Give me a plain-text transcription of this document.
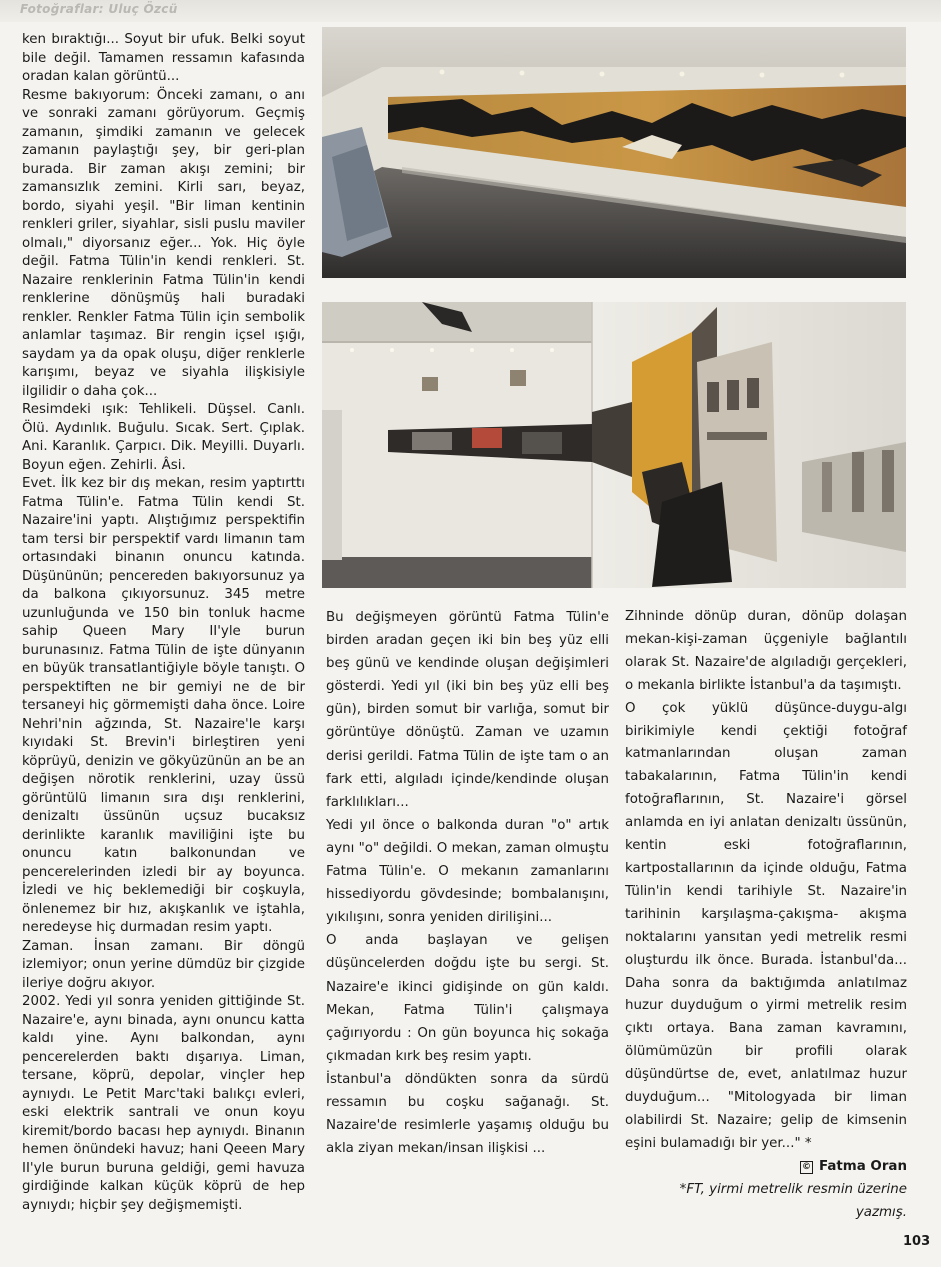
Fotoğraflar: Uluç Özcü

ken bıraktığı... Soyut bir ufuk. Belki soyut bile değil. Tamamen ressamın kafasında oradan kalan görüntü...

Resme bakıyorum: Önceki zamanı, o anı ve sonraki zamanı görüyorum. Geçmiş zamanın, şimdiki zamanın ve gelecek zamanın paylaştığı şey, bir geri-plan burada. Bir zaman akışı zemini; bir zamansızlık zemini. Kirli sarı, beyaz, bordo, siyahi yeşil. "Bir liman kentinin renkleri griler, siyahlar, sisli puslu maviler olmalı," diyorsanız eğer... Yok. Hiç öyle değil. Fatma Tülin'in kendi renkleri. St. Nazaire renklerinin Fatma Tülin'in kendi renklerine dönüşmüş hali buradaki renkler. Renkler Fatma Tülin için sembolik anlamlar taşımaz. Bir rengin içsel ışığı, saydam ya da opak oluşu, diğer renklerle karışımı, beyaz ve siyahla ilişkisiyle ilgilidir o daha çok...

Resimdeki ışık: Tehlikeli. Düşsel. Canlı. Ölü. Aydınlık. Buğulu. Sıcak. Sert. Çıplak. Ani. Karanlık. Çarpıcı. Dik. Meyilli. Duyarlı. Boyun eğen. Zehirli. Âsi.

Evet. İlk kez bir dış mekan, resim yaptırttı Fatma Tülin'e. Fatma Tülin kendi St. Nazaire'ini yaptı. Alıştığımız perspektifin tam tersi bir perspektif vardı limanın tam ortasındaki binanın onuncu katında. Düşününün; pencereden bakıyorsunuz ya da balkona çıkıyorsunuz. 345 metre uzunluğunda ve 150 bin tonluk hacme sahip Queen Mary II'yle burun burunasınız. Fatma Tülin de işte dünyanın en büyük transatlantiğiyle böyle tanıştı. O perspektiften ne bir gemiyi ne de bir tersaneyi hiç görmemişti daha önce. Loire Nehri'nin ağzında, St. Nazaire'le karşı kıyıdaki St. Brevin'i birleştiren yeni köprüyü, denizin ve gökyüzünün an be an değişen nörotik renklerini, uzay üssü görüntülü limanın sıra dışı renklerini, denizaltı üssünün uçsuz bucaksız derinlikte karanlık maviliğini işte bu onuncu katın balkonundan ve pencerelerinden izledi bir ay boyunca. İzledi ve hiç beklemediği bir coşkuyla, önlenemez bir hız, akışkanlık ve iştahla, neredeyse hiç durmadan resim yaptı.

Zaman. İnsan zamanı. Bir döngü izlemiyor; onun yerine dümdüz bir çizgide ileriye doğru akıyor.

2002. Yedi yıl sonra yeniden gittiğinde St. Nazaire'e, aynı binada, aynı onuncu katta kaldı yine. Aynı balkondan, aynı pencerelerden baktı dışarıya. Liman, tersane, köprü, depolar, vinçler hep aynıydı. Le Petit Marc'taki balıkçı evleri, eski elektrik santrali ve onun koyu kiremit/bordo bacası hep aynıydı. Binanın hemen önündeki havuz; hani Qeeen Mary II'yle burun buruna geldiği, gemi havuza girdiğinde kalkan küçük köprü de hep aynıydı; hiçbir şey değişmemişti.

Bu değişmeyen görüntü Fatma Tülin'e birden aradan geçen iki bin beş yüz elli beş günü ve kendinde oluşan değişimleri gösterdi. Yedi yıl (iki bin beş yüz elli beş gün), birden somut bir varlığa, somut bir görüntüye dönüştü. Zaman ve uzamın derisi gerildi. Fatma Tülin de işte tam o an fark etti, algıladı içinde/kendinde oluşan farklılıkları...

Yedi yıl önce o balkonda duran "o" artık aynı "o" değildi. O mekan, zaman olmuştu Fatma Tülin'e. O mekanın zamanlarını hissediyordu gövdesinde; bombalanışını, yıkılışını, sonra yeniden dirilişini...

O anda başlayan ve gelişen düşüncelerden doğdu işte bu sergi. St. Nazaire'e ikinci gidişinde on gün kaldı. Mekan, Fatma Tülin'i çalışmaya çağırıyordu : On gün boyunca hiç sokağa çıkmadan kırk beş resim yaptı.

İstanbul'a döndükten sonra da sürdü ressamın bu coşku sağanağı. St. Nazaire'de resimlerle yaşamış olduğu bu akla ziyan mekan/insan ilişkisi ...

Zihninde dönüp duran, dönüp dolaşan mekan-kişi-zaman üçgeniyle bağlantılı olarak St. Nazaire'de algıladığı gerçekleri, o mekanla birlikte İstanbul'a da taşımıştı.

O çok yüklü düşünce-duygu-algı birikimiyle kendi çektiği fotoğraf katmanlarından oluşan zaman tabakalarının, Fatma Tülin'in kendi fotoğraflarının, St. Nazaire'i görsel anlamda en iyi anlatan denizaltı üssünün, kentin eski fotoğraflarının, kartpostallarının da içinde olduğu, Fatma Tülin'in kendi tarihiyle St. Nazaire'in tarihinin karşılaşma-çakışma- akışma noktalarını yansıtan yedi metrelik resmi oluşturdu ilk önce. Burada. İstanbul'da... Daha sonra da baktığımda anlatılmaz huzur duyduğum o yirmi metrelik resim çıktı ortaya. Bana zaman kavramını, ölümümüzün bir profili olarak düşündürtse de, evet, anlatılmaz huzur duyduğum... "Mitologyada bir liman olabilirdi St. Nazaire; gelip de kimsenin eşini bulamadığı bir yer..." *

© Fatma Oran

*FT, yirmi metrelik resmin üzerine yazmış.

103
